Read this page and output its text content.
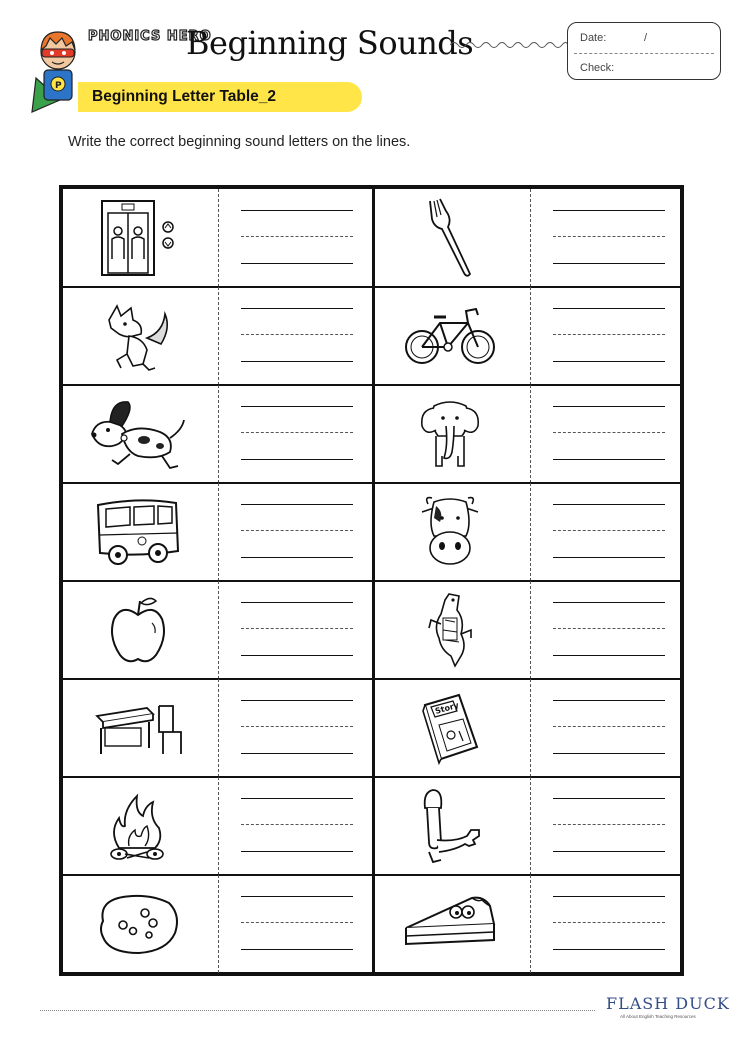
P
PHONICS HERO
Beginning Sounds	Date:	/
Check:
Beginning Letter Table_2
Write the correct beginning sound letters on the lines.
Story
FLASH DUCK
All About English Teaching Resources
